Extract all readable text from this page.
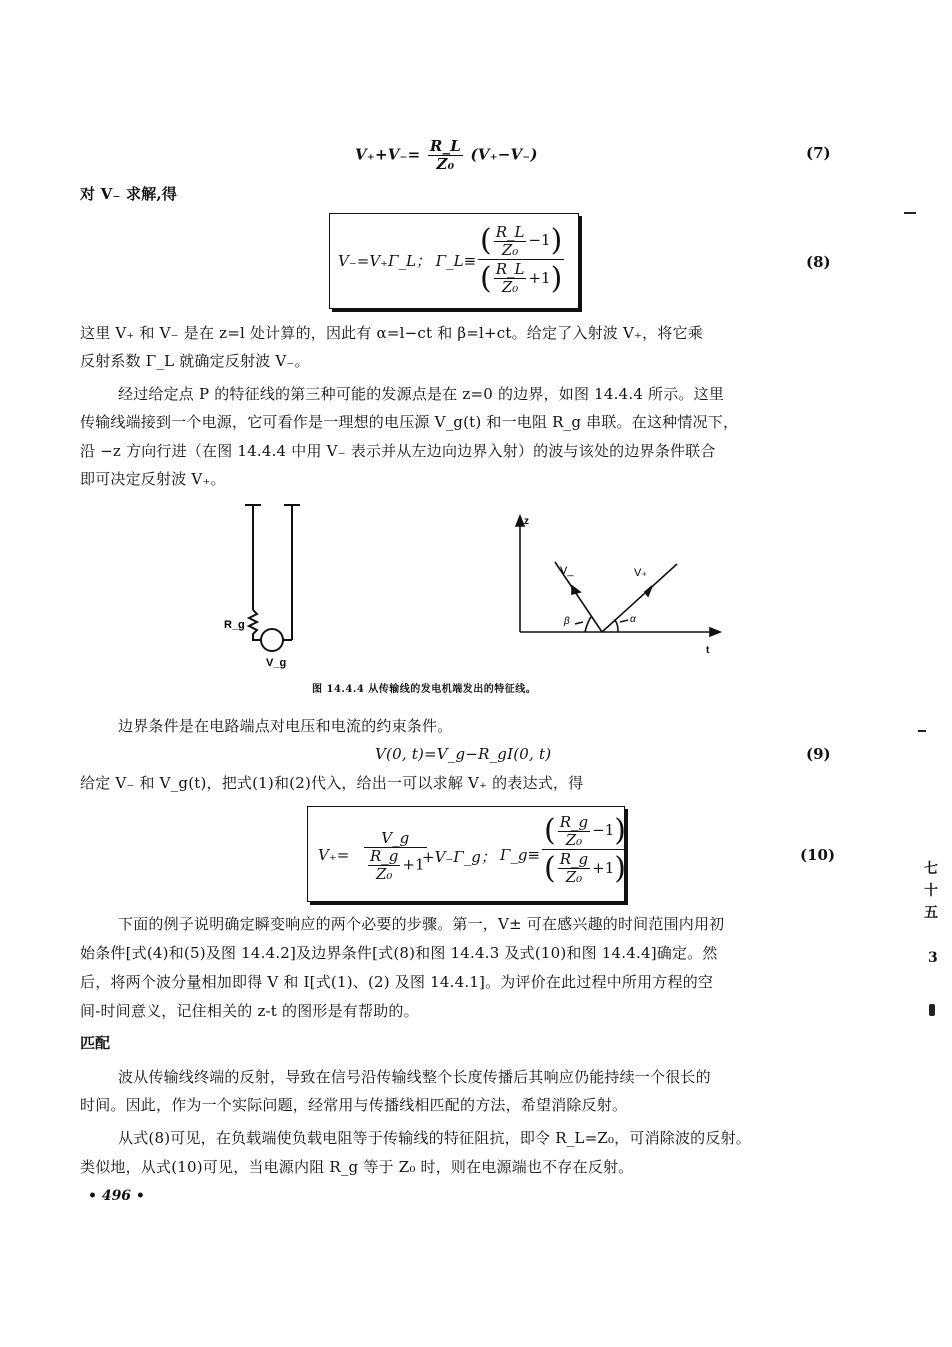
$V_++V_-= \frac{R\_L}{\text{Z₀}} (V_+-V_-)$	(7)
对 V₋ 求解,得
V₋=V₊Γ_L； Γ_L≡ $\frac{( \frac{R\_L}{\text{Z₀}} -1)}{( \frac{R\_L}{\text{Z₀}} +1)}$	(8)
这里 V₊ 和 V₋ 是在 z=l 处计算的，因此有 α=l−ct 和 β=l+ct。给定了入射波 V₊，将它乘
反射系数 Γ_L 就确定反射波 V₋。
经过给定点 P 的特征线的第三种可能的发源点是在 z=0 的边界，如图 14.4.4 所示。这里
传输线端接到一个电源，它可看作是一理想的电压源 V_g(t) 和一电阻 R_g 串联。在这种情况下，
沿 −z 方向行进（在图 14.4.4 中用 V₋ 表示并从左边向边界入射）的波与该处的边界条件联合
即可决定反射波 V₊。
R_g
V_g
z
t
V_	V₊
β	α
图 14.4.4 从传输线的发电机端发出的特征线。
边界条件是在电路端点对电压和电流的约束条件。
V(0, t)=V_g−R_gI(0, t)	(9)
给定 V₋ 和 V_g(t)，把式(1)和(2)代入，给出一可以求解 V₊ 的表达式，得
$V_+= \frac{V\_g}{\frac{R\_g}{\text{Z₀}} +1}$
+V₋Γ_g； Γ_g≡ $\frac{( \frac{R\_g}{\text{Z₀}} -1)}{( \frac{R\_g}{\text{Z₀}} +1)}$	(10)
下面的例子说明确定瞬变响应的两个必要的步骤。第一，V± 可在感兴趣的时间范围内用初
始条件[式(4)和(5)及图 14.4.2]及边界条件[式(8)和图 14.4.3 及式(10)和图 14.4.4]确定。然
后，将两个波分量相加即得 V 和 I[式(1)、(2) 及图 14.4.1]。为评价在此过程中所用方程的空
间-时间意义，记住相关的 z-t 的图形是有帮助的。
匹配
波从传输线终端的反射，导致在信号沿传输线整个长度传播后其响应仍能持续一个很长的
时间。因此，作为一个实际问题，经常用与传播线相匹配的方法，希望消除反射。
从式(8)可见，在负载端使负载电阻等于传输线的特征阻抗，即令 R_L=Z₀，可消除波的反射。
类似地，从式(10)可见，当电源内阻 R_g 等于 Z₀ 时，则在电源端也不存在反射。
• 496 •
七十五
3
